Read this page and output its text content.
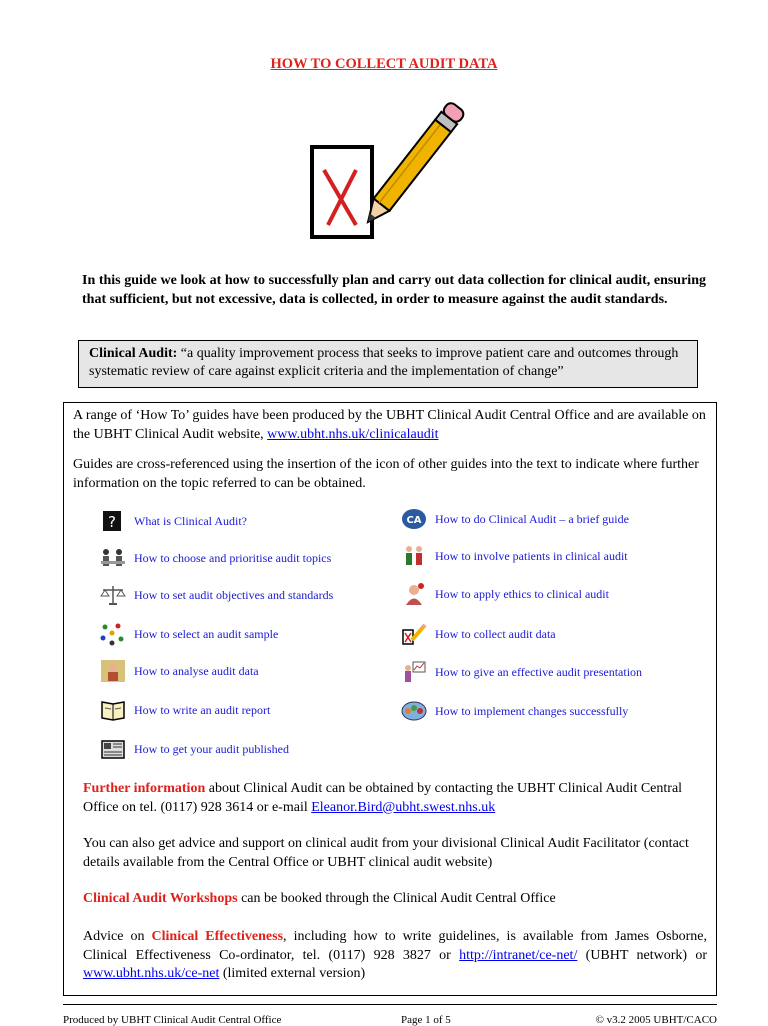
HOW TO COLLECT AUDIT DATA
In this guide we look at how to successfully plan and carry out data collection for clinical audit, ensuring that sufficient, but not excessive, data is collected, in order to measure against the audit standards.
Clinical Audit: “a quality improvement process that seeks to improve patient care and outcomes through systematic review of care against explicit criteria and the implementation of change”
A range of ‘How To’ guides have been produced by the UBHT Clinical Audit Central Office and are available on the UBHT Clinical Audit website, www.ubht.nhs.uk/clinicalaudit
Guides are cross-referenced using the insertion of the icon of other guides into the text to indicate where further information on the topic referred to can be obtained.
? What is Clinical Audit?
How to choose and prioritise audit topics
How to set audit objectives and standards
How to select an audit sample
How to analyse audit data
How to write an audit report
How to get your audit published
CA How to do Clinical Audit – a brief guide
How to involve patients in clinical audit
How to apply ethics to clinical audit
How to collect audit data
How to give an effective audit presentation
How to implement changes successfully
Further information about Clinical Audit can be obtained by contacting the UBHT Clinical Audit Central Office on tel. (0117) 928 3614 or e-mail Eleanor.Bird@ubht.swest.nhs.uk
You can also get advice and support on clinical audit from your divisional Clinical Audit Facilitator (contact details available from the Central Office or UBHT clinical audit website)
Clinical Audit Workshops can be booked through the Clinical Audit Central Office
Advice on Clinical Effectiveness, including how to write guidelines, is available from James Osborne, Clinical Effectiveness Co-ordinator, tel. (0117) 928 3827 or http://intranet/ce-net/ (UBHT network) or www.ubht.nhs.uk/ce-net (limited external version)
Produced by UBHT Clinical Audit Central Office	Page 1 of 5	© v3.2 2005 UBHT/CACO
